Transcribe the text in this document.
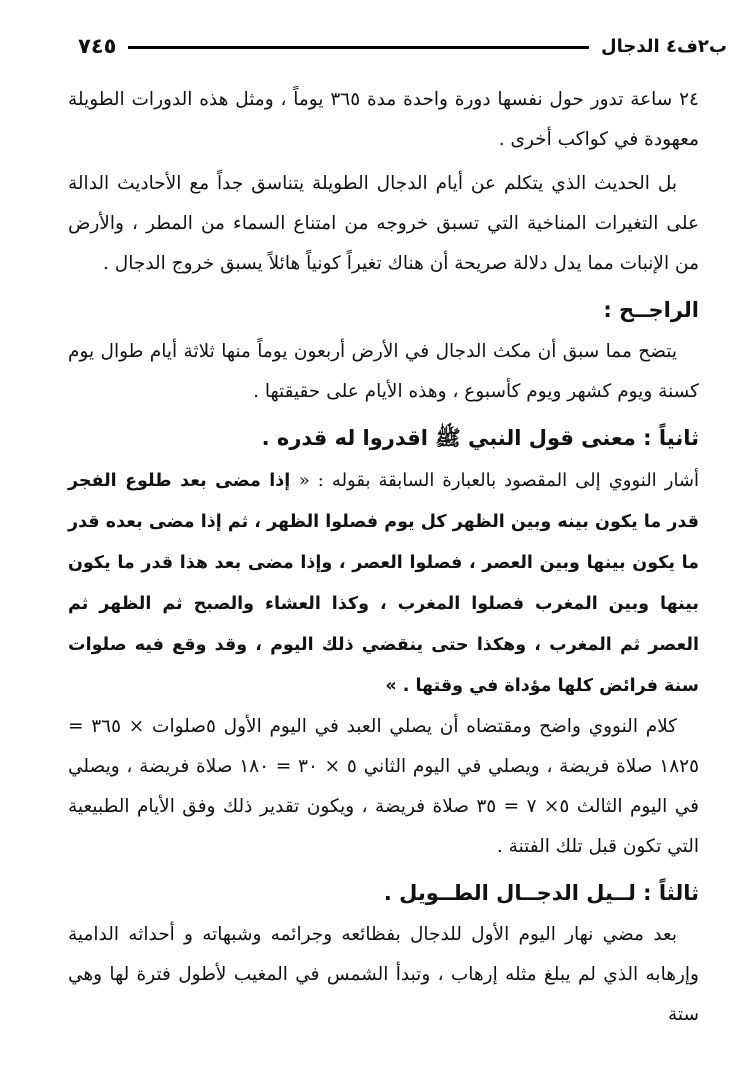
٧٤٥	ب٢ف٤ الدجال

٢٤ ساعة تدور حول نفسها دورة واحدة مدة ٣٦٥ يوماً ، ومثل هذه الدورات الطويلة معهودة في كواكب أخرى .

بل الحديث الذي يتكلم عن أيام الدجال الطويلة يتناسق جداً مع الأحاديث الدالة على التغيرات المناخية التي تسبق خروجه من امتناع السماء من المطر ، والأرض من الإنبات مما يدل دلالة صريحة أن هناك تغيراً كونياً هائلاً يسبق خروج الدجال .

الراجــح :

يتضح مما سبق أن مكث الدجال في الأرض أربعون يوماً منها ثلاثة أيام طوال يوم كسنة ويوم كشهر ويوم كأسبوع ، وهذه الأيام على حقيقتها .

ثانياً : معنى قول النبي ﷺ اقدروا له قدره .
أشار النووي إلى المقصود بالعبارة السابقة بقوله : « إذا مضى بعد طلوع الفجر قدر ما يكون بينه وبين الظهر كل يوم فصلوا الظهر ، ثم إذا مضى بعده قدر ما يكون بينها وبين العصر ، فصلوا العصر ، وإذا مضى بعد هذا قدر ما يكون بينها وبين المغرب فصلوا المغرب ، وكذا العشاء والصبح ثم الظهر ثم العصر ثم المغرب ، وهكذا حتى ينقضي ذلك اليوم ، وقد وقع فيه صلوات سنة فرائض كلها مؤداة في وقتها . »

كلام النووي واضح ومقتضاه أن يصلي العبد في اليوم الأول ٥صلوات × ٣٦٥ = ١٨٢٥ صلاة فريضة ، ويصلي في اليوم الثاني ٥ × ٣٠ = ١٨٠ صلاة فريضة ، ويصلي في اليوم الثالث ٥× ٧ = ٣٥ صلاة فريضة ، ويكون تقدير ذلك وفق الأيام الطبيعية التي تكون قبل تلك الفتنة .

ثالثاً : لــيل الدجــال الطــويل .

بعد مضي نهار اليوم الأول للدجال بفظائعه وجرائمه وشبهاته و أحداثه الدامية وإرهابه الذي لم يبلغ مثله إرهاب ، وتبدأ الشمس في المغيب لأطول فترة لها وهي ستة
